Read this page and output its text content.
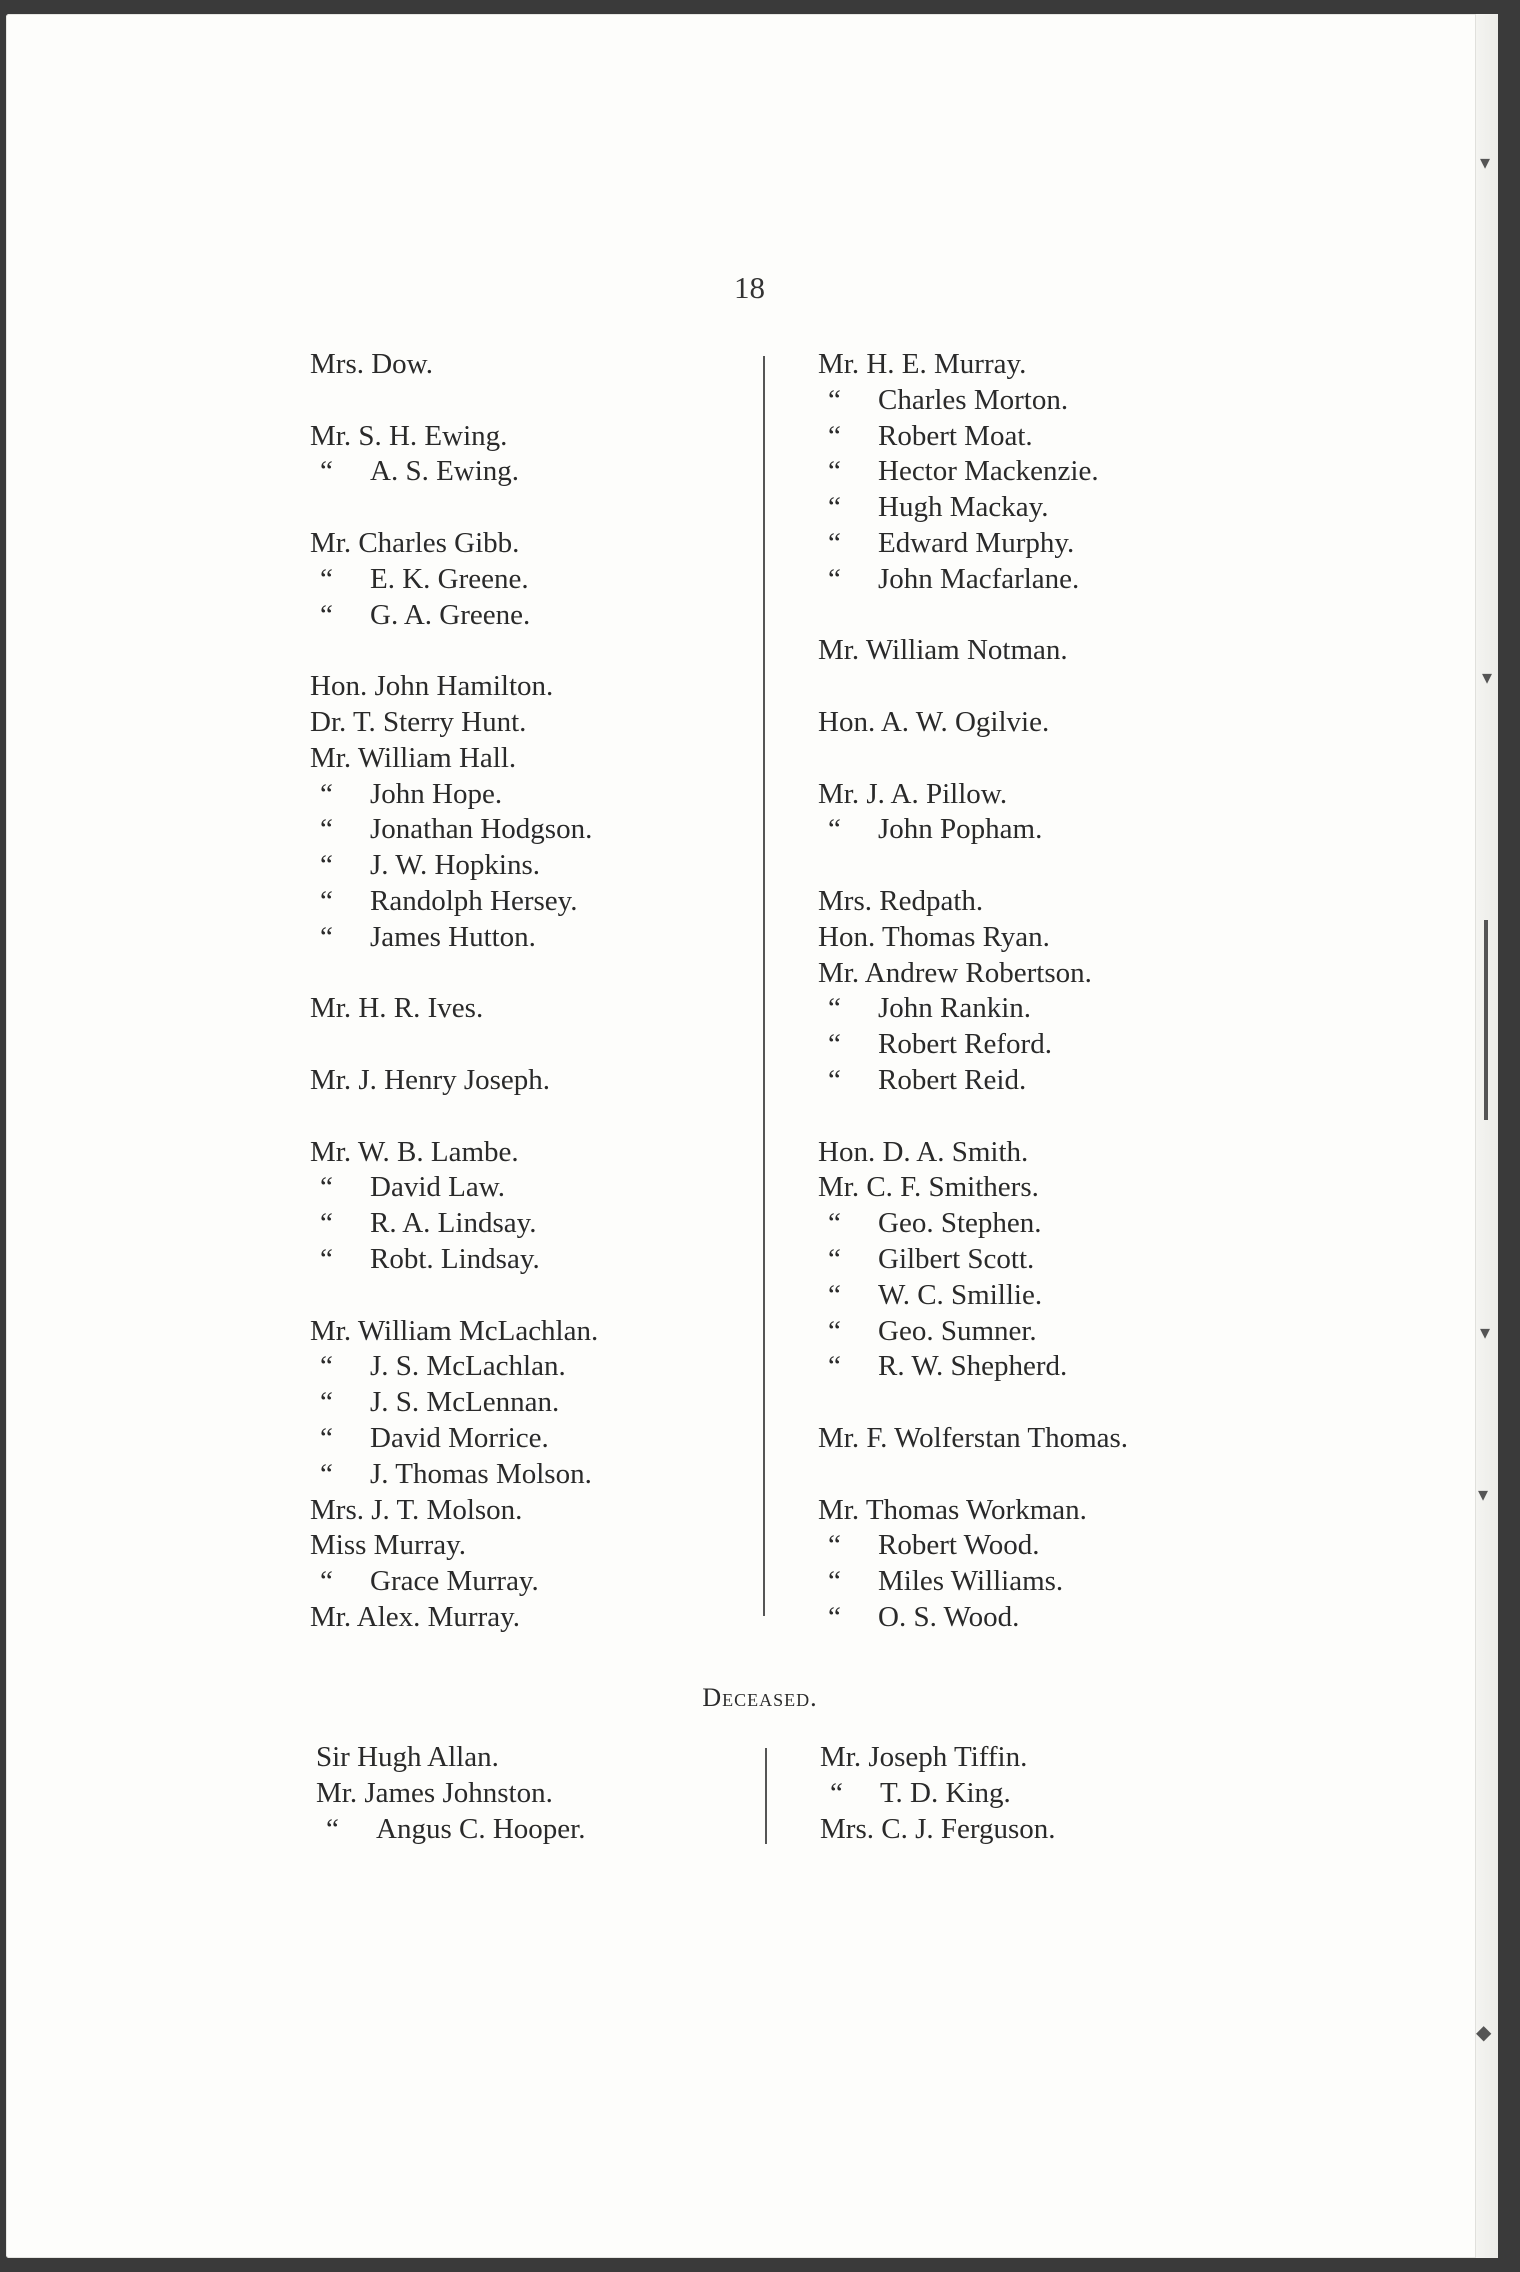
18
Mrs. Dow.
Mr. S. H. Ewing.
“ A. S. Ewing.
Mr. Charles Gibb.
“ E. K. Greene.
“ G. A. Greene.
Hon. John Hamilton.
Dr. T. Sterry Hunt.
Mr. William Hall.
“ John Hope.
“ Jonathan Hodgson.
“ J. W. Hopkins.
“ Randolph Hersey.
“ James Hutton.
Mr. H. R. Ives.
Mr. J. Henry Joseph.
Mr. W. B. Lambe.
“ David Law.
“ R. A. Lindsay.
“ Robt. Lindsay.
Mr. William McLachlan.
“ J. S. McLachlan.
“ J. S. McLennan.
“ David Morrice.
“ J. Thomas Molson.
Mrs. J. T. Molson.
Miss Murray.
“ Grace Murray.
Mr. Alex. Murray.
Mr. H. E. Murray.
“ Charles Morton.
“ Robert Moat.
“ Hector Mackenzie.
“ Hugh Mackay.
“ Edward Murphy.
“ John Macfarlane.
Mr. William Notman.
Hon. A. W. Ogilvie.
Mr. J. A. Pillow.
“ John Popham.
Mrs. Redpath.
Hon. Thomas Ryan.
Mr. Andrew Robertson.
“ John Rankin.
“ Robert Reford.
“ Robert Reid.
Hon. D. A. Smith.
Mr. C. F. Smithers.
“ Geo. Stephen.
“ Gilbert Scott.
“ W. C. Smillie.
“ Geo. Sumner.
“ R. W. Shepherd.
Mr. F. Wolferstan Thomas.
Mr. Thomas Workman.
“ Robert Wood.
“ Miles Williams.
“ O. S. Wood.
Deceased.
Sir Hugh Allan.
Mr. James Johnston.
“ Angus C. Hooper.
Mr. Joseph Tiffin.
“ T. D. King.
Mrs. C. J. Ferguson.
▾
▾
▾
▾
◆
